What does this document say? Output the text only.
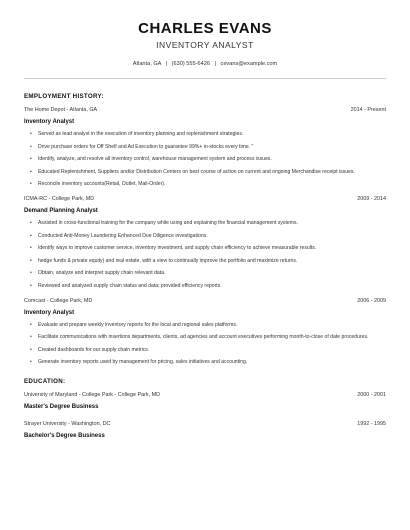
CHARLES EVANS
INVENTORY ANALYST
Atlanta, GA | (630) 555-6426 | cevans@example.com
EMPLOYMENT HISTORY:
The Home Depot - Atlanta, GA	2014 - Present
Inventory Analyst
• Served as lead analyst in the execution of inventory planning and replenishment strategies.
• Drive purchase orders for Off Shelf and Ad Execution to guarantee 99%+ in-stocks every time. "
• Identify, analyze, and resolve all inventory control, warehouse management system and process issues.
• Educated Replenishment, Suppliers and/or Distribution Centers on best course of action on current and ongoing Merchandise receipt issues.
• Reconcile inventory accounts(Retail, Outlet, Mail-Order).
ICMA-RC - College Park, MD	2009 - 2014
Demand Planning Analyst
• Assisted in cross-functional training for the company while using and explaining the financial management systems.
• Conducted Anti-Money Laundering Enhanced Due Diligence investigations.
• Identify ways to improve customer service, inventory investment, and supply chain efficiency to achieve measurable results.
• hedge funds & private equity) and real estate, with a view to continually improve the portfolio and maximize returns.
• Obtain, analyze and interpret supply chain relevant data.
• Reviewed and analyzed supply chain status and data; provided efficiency reports.
Comcast - College Park, MD	2006 - 2009
Inventory Analyst
• Evaluate and prepare weekly inventory reports for the local and regional sales platforms.
• Facilitate communications with insertions departments, clients, ad agencies and account executives performing month-to-close of date procedures.
• Created dashboards for our supply chain metrics.
• Generate inventory reports used by management for pricing, sales initiatives and accounting.
EDUCATION:
University of Maryland - College Park - College Park, MD	2000 - 2001
Master's Degree Business
Strayer University - Washington, DC	1992 - 1995
Bachelor's Degree Business
